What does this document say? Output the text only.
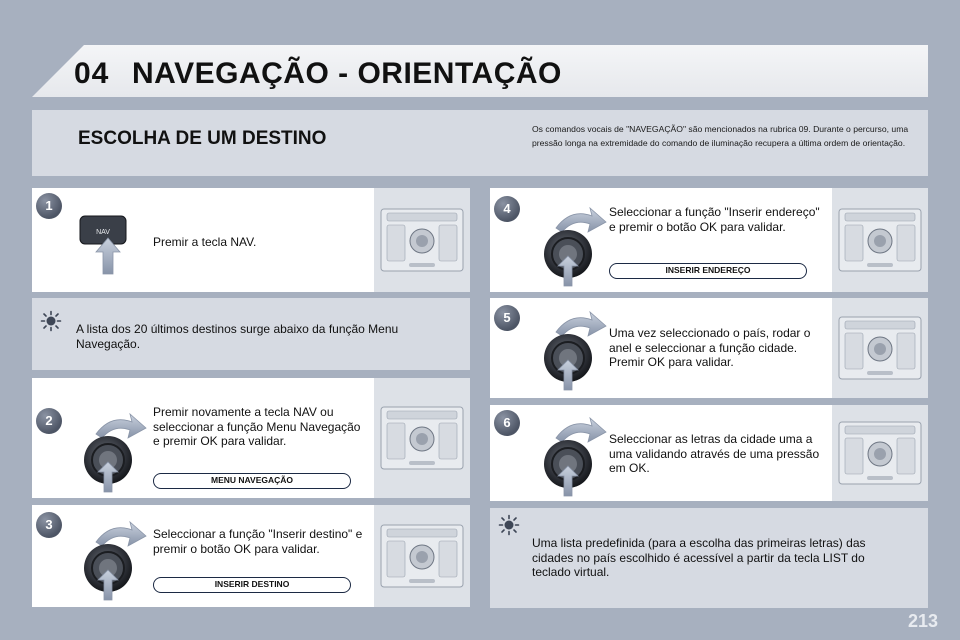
04 NAVEGAÇÃO - ORIENTAÇÃO
ESCOLHA DE UM DESTINO	Os comandos vocais de "NAVEGAÇÃO" são mencionados na rubrica 09. Durante o percurso, uma pressão longa na extremidade do comando de iluminação recupera a última ordem de orientação.
1
NAV
Premir a tecla NAV.
A lista dos 20 últimos destinos surge abaixo da função Menu Navegação.
2
Premir novamente a tecla NAV ou seleccionar a função Menu Navegação e premir OK para validar.
MENU NAVEGAÇÃO
3
Seleccionar a função "Inserir destino" e premir o botão OK para validar.
INSERIR DESTINO
4	Seleccionar a função "Inserir endereço" e premir o botão OK para validar.
INSERIR ENDEREÇO
5
Uma vez seleccionado o país, rodar o anel e seleccionar a função cidade. Premir OK para validar.
6
Seleccionar as letras da cidade uma a uma validando através de uma pressão em OK.
Uma lista predefinida (para a escolha das primeiras letras) das cidades no país escolhido é acessível a partir da tecla LIST do teclado virtual.
213
